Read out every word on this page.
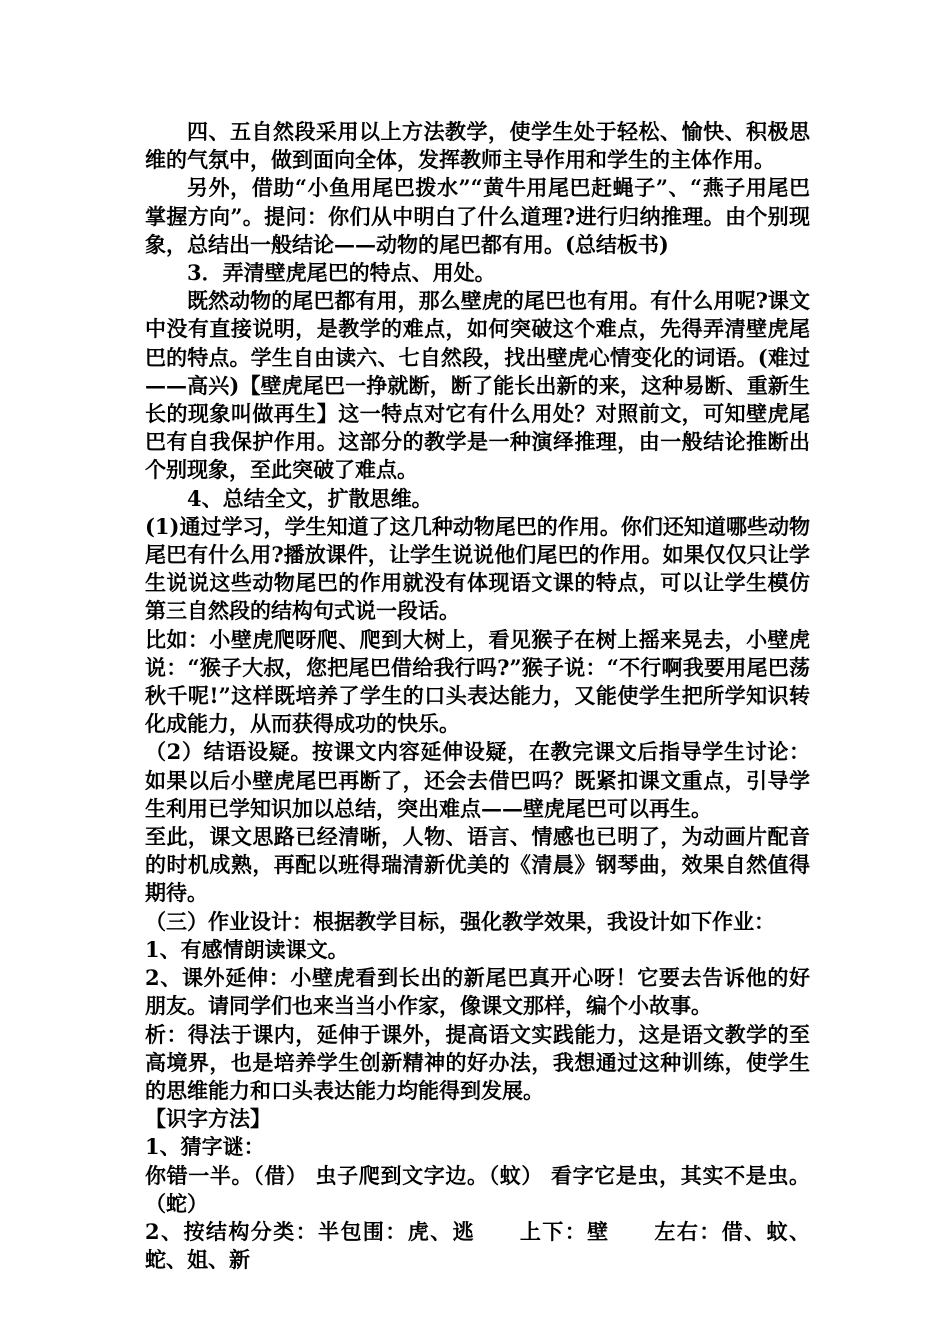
四、五自然段采用以上方法教学，使学生处于轻松、愉快、积极思维的气氛中，做到面向全体，发挥教师主导作用和学生的主体作用。

另外，借助“小鱼用尾巴拨水”“黄牛用尾巴赶蝇子”、“燕子用尾巴掌握方向”。提问：你们从中明白了什么道理?进行归纳推理。由个别现象，总结出一般结论——动物的尾巴都有用。(总结板书)

3．弄清壁虎尾巴的特点、用处。

既然动物的尾巴都有用，那么壁虎的尾巴也有用。有什么用呢?课文中没有直接说明，是教学的难点，如何突破这个难点，先得弄清壁虎尾巴的特点。学生自由读六、七自然段，找出壁虎心情变化的词语。(难过——高兴)【壁虎尾巴一挣就断，断了能长出新的来，这种易断、重新生长的现象叫做再生】这一特点对它有什么用处？对照前文，可知壁虎尾巴有自我保护作用。这部分的教学是一种演绎推理，由一般结论推断出个别现象，至此突破了难点。

4、总结全文，扩散思维。

(1)通过学习，学生知道了这几种动物尾巴的作用。你们还知道哪些动物尾巴有什么用?播放课件，让学生说说他们尾巴的作用。如果仅仅只让学生说说这些动物尾巴的作用就没有体现语文课的特点，可以让学生模仿第三自然段的结构句式说一段话。

比如：小壁虎爬呀爬、爬到大树上，看见猴子在树上摇来晃去，小壁虎说：“猴子大叔，您把尾巴借给我行吗?”猴子说：“不行啊我要用尾巴荡秋千呢!”这样既培养了学生的口头表达能力，又能使学生把所学知识转化成能力，从而获得成功的快乐。

（2）结语设疑。按课文内容延伸设疑，在教完课文后指导学生讨论：如果以后小壁虎尾巴再断了，还会去借巴吗？既紧扣课文重点，引导学生利用已学知识加以总结，突出难点——壁虎尾巴可以再生。

至此，课文思路已经清晰，人物、语言、情感也已明了，为动画片配音的时机成熟，再配以班得瑞清新优美的《清晨》钢琴曲，效果自然值得期待。

（三）作业设计：根据教学目标，强化教学效果，我设计如下作业：

1、有感情朗读课文。

2、课外延伸：小壁虎看到长出的新尾巴真开心呀！它要去告诉他的好朋友。请同学们也来当当小作家，像课文那样，编个小故事。

析：得法于课内，延伸于课外，提高语文实践能力，这是语文教学的至高境界，也是培养学生创新精神的好办法，我想通过这种训练，使学生的思维能力和口头表达能力均能得到发展。

【识字方法】

1、猜字谜：

你错一半。（借） 虫子爬到文字边。（蚊） 看字它是虫，其实不是虫。（蛇）

2、按结构分类：半包围：虎、逃　　上下：壁　　左右：借、蚊、蛇、姐、新
